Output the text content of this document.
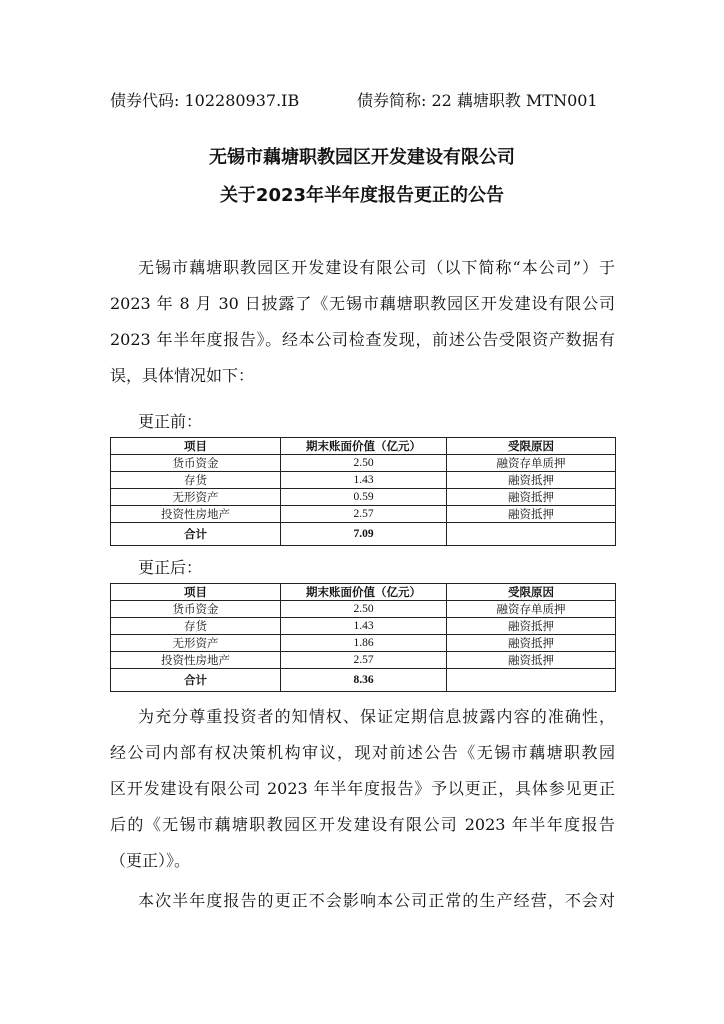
债券代码: 102280937.IB	债券简称: 22 藕塘职教 MTN001
无锡市藕塘职教园区开发建设有限公司
关于2023年半年度报告更正的公告
无锡市藕塘职教园区开发建设有限公司（以下简称“本公司”）于
2023 年 8 月 30 日披露了《无锡市藕塘职教园区开发建设有限公司
2023 年半年度报告》。经本公司检查发现，前述公告受限资产数据有
误，具体情况如下：
更正前：
项目	期末账面价值（亿元）	受限原因
货币资金	2.50	融资存单质押
存货	1.43	融资抵押
无形资产	0.59	融资抵押
投资性房地产	2.57	融资抵押
合计	7.09	
更正后：
项目	期末账面价值（亿元）	受限原因
货币资金	2.50	融资存单质押
存货	1.43	融资抵押
无形资产	1.86	融资抵押
投资性房地产	2.57	融资抵押
合计	8.36	
为充分尊重投资者的知情权、保证定期信息披露内容的准确性，
经公司内部有权决策机构审议，现对前述公告《无锡市藕塘职教园
区开发建设有限公司 2023 年半年度报告》予以更正，具体参见更正
后的《无锡市藕塘职教园区开发建设有限公司 2023 年半年度报告
（更正）》。
本次半年度报告的更正不会影响本公司正常的生产经营，不会对
